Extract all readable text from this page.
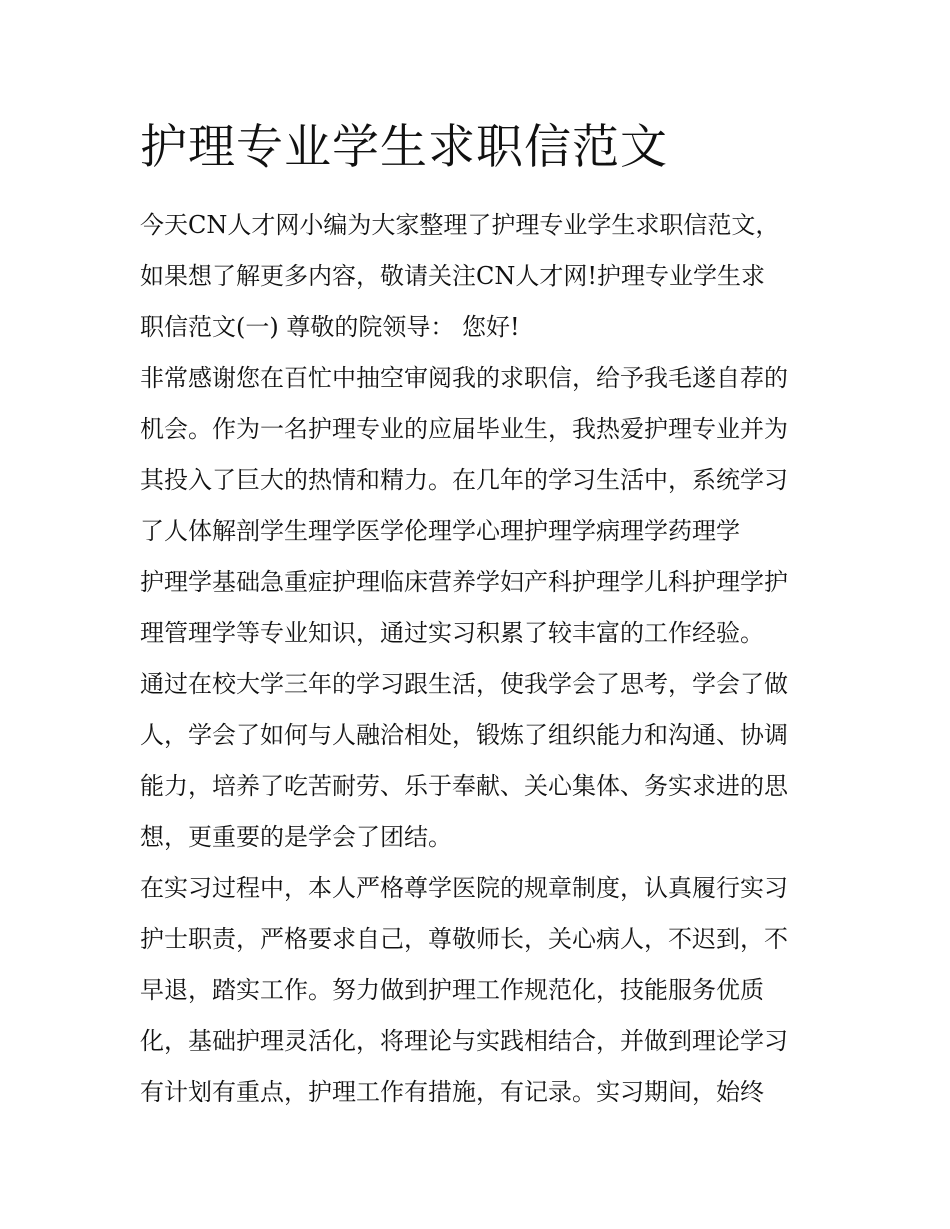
护理专业学生求职信范文
今天CN人才网小编为大家整理了护理专业学生求职信范文，
如果想了解更多内容，敬请关注CN人才网!护理专业学生求
职信范文(一) 尊敬的院领导： 您好!
非常感谢您在百忙中抽空审阅我的求职信，给予我毛遂自荐的
机会。作为一名护理专业的应届毕业生，我热爱护理专业并为
其投入了巨大的热情和精力。在几年的学习生活中，系统学习
了人体解剖学生理学医学伦理学心理护理学病理学药理学
护理学基础急重症护理临床营养学妇产科护理学儿科护理学护
理管理学等专业知识，通过实习积累了较丰富的工作经验。
通过在校大学三年的学习跟生活，使我学会了思考，学会了做
人，学会了如何与人融洽相处，锻炼了组织能力和沟通、协调
能力，培养了吃苦耐劳、乐于奉献、关心集体、务实求进的思
想，更重要的是学会了团结。
在实习过程中，本人严格尊学医院的规章制度，认真履行实习
护士职责，严格要求自己，尊敬师长，关心病人，不迟到，不
早退，踏实工作。努力做到护理工作规范化，技能服务优质
化，基础护理灵活化，将理论与实践相结合，并做到理论学习
有计划有重点，护理工作有措施，有记录。实习期间，始终
